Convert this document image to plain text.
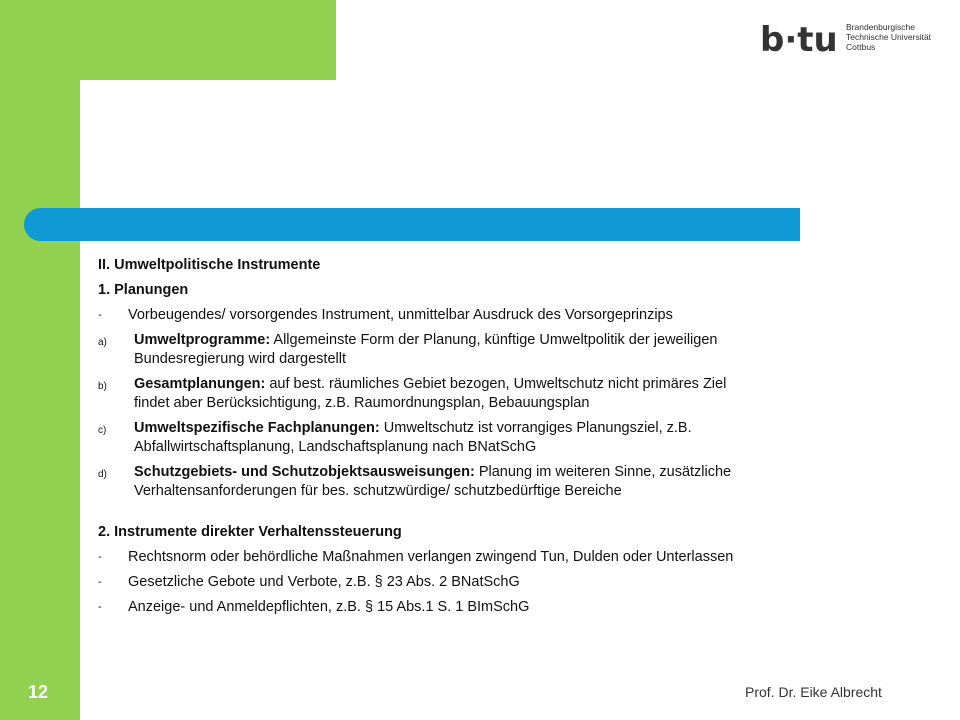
b·tu Brandenburgische
Technische Universität
Cottbus

II. Umweltpolitische Instrumente

1. Planungen

- Vorbeugendes/ vorsorgendes Instrument, unmittelbar Ausdruck des Vorsorgeprinzips
a) Umweltprogramme: Allgemeinste Form der Planung, künftige Umweltpolitik der jeweiligen
Bundesregierung wird dargestellt
b) Gesamtplanungen: auf best. räumliches Gebiet bezogen, Umweltschutz nicht primäres Ziel
findet aber Berücksichtigung, z.B. Raumordnungsplan, Bebauungsplan
c) Umweltspezifische Fachplanungen: Umweltschutz ist vorrangiges Planungsziel, z.B.
Abfallwirtschaftsplanung, Landschaftsplanung nach BNatSchG
d) Schutzgebiets- und Schutzobjektsausweisungen: Planung im weiteren Sinne, zusätzliche
Verhaltensanforderungen für bes. schutzwürdige/ schutzbedürftige Bereiche

2. Instrumente direkter Verhaltenssteuerung

- Rechtsnorm oder behördliche Maßnahmen verlangen zwingend Tun, Dulden oder Unterlassen
- Gesetzliche Gebote und Verbote, z.B. § 23 Abs. 2 BNatSchG
- Anzeige- und Anmeldepflichten, z.B. § 15 Abs.1 S. 1 BImSchG
12	Prof. Dr. Eike Albrecht
